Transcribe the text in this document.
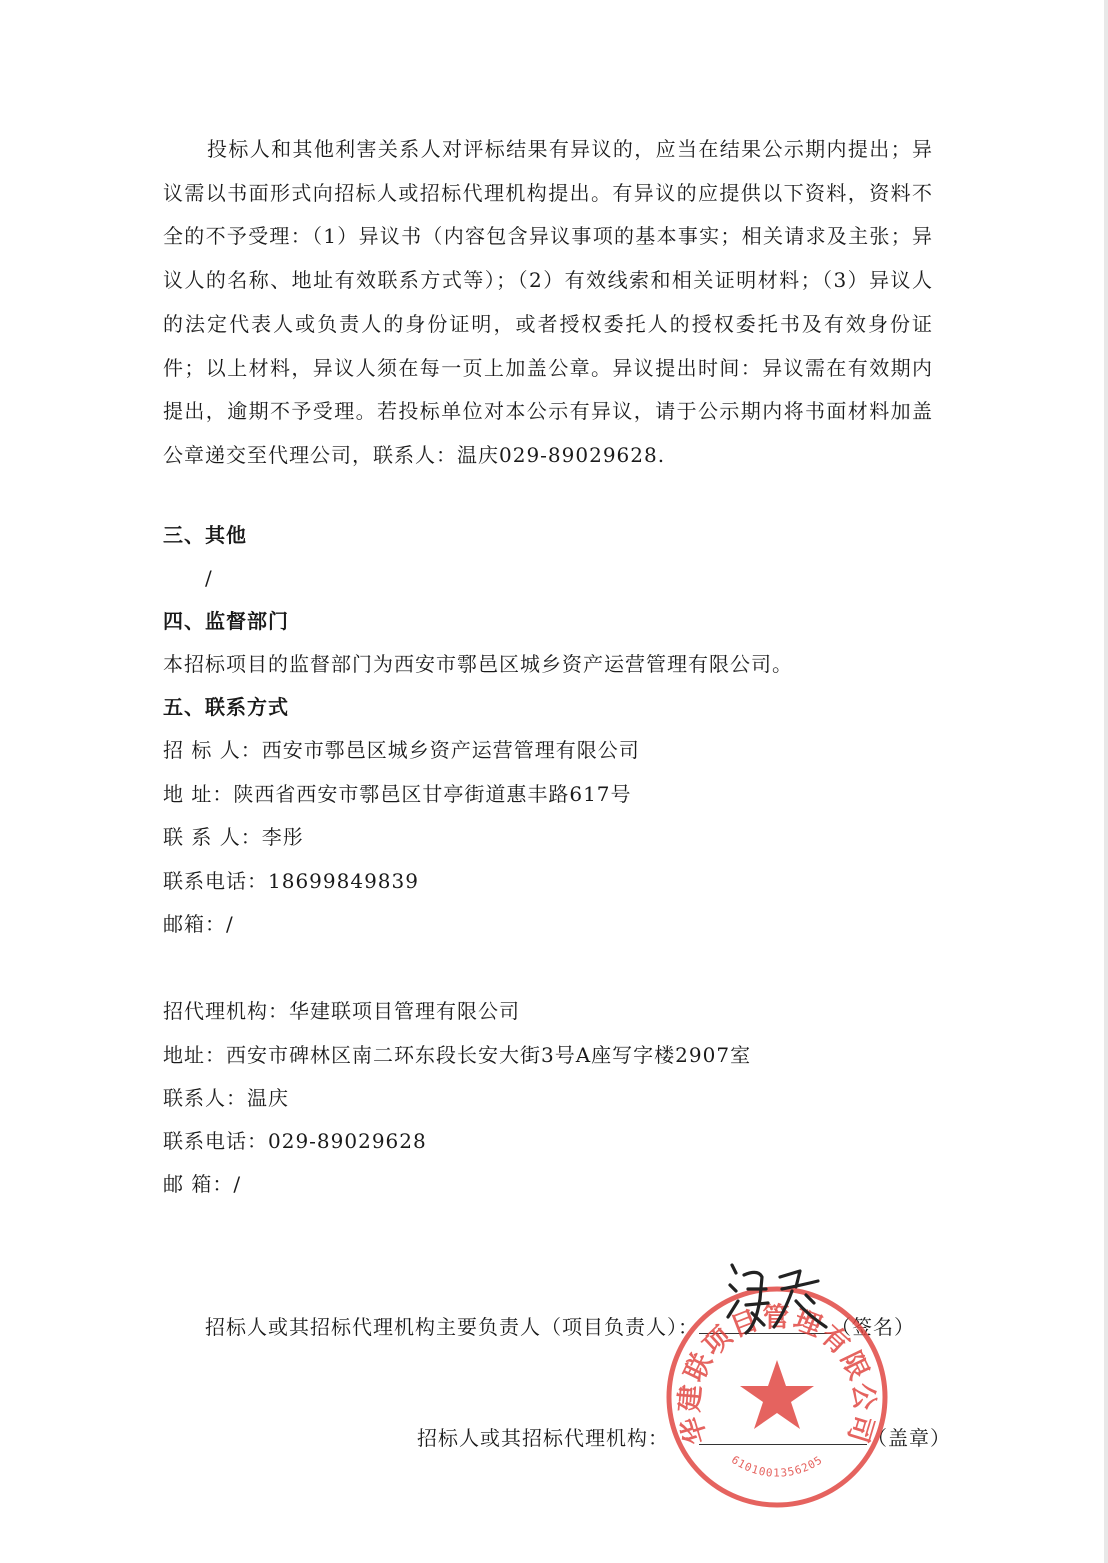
投标人和其他利害关系人对评标结果有异议的，应当在结果公示期内提出；异议需以书面形式向招标人或招标代理机构提出。有异议的应提供以下资料，资料不全的不予受理：（1）异议书（内容包含异议事项的基本事实；相关请求及主张；异议人的名称、地址有效联系方式等）；（2）有效线索和相关证明材料；（3）异议人的法定代表人或负责人的身份证明，或者授权委托人的授权委托书及有效身份证件；以上材料，异议人须在每一页上加盖公章。异议提出时间：异议需在有效期内提出，逾期不予受理。若投标单位对本公示有异议，请于公示期内将书面材料加盖公章递交至代理公司，联系人：温庆029-89029628.

三、其他
/
四、监督部门
本招标项目的监督部门为西安市鄠邑区城乡资产运营管理有限公司。
五、联系方式
招 标 人：西安市鄠邑区城乡资产运营管理有限公司
地 址：陕西省西安市鄠邑区甘亭街道惠丰路617号
联 系 人：李彤
联系电话：18699849839
邮箱：/
招代理机构：华建联项目管理有限公司
地址：西安市碑林区南二环东段长安大街3号A座写字楼2907室
联系人：温庆
联系电话：029-89029628
邮 箱：/
招标人或其招标代理机构主要负责人（项目负责人）：	（签名）
招标人或其招标代理机构：	（盖章）
华建联项目管理有限公司
6101001356205
